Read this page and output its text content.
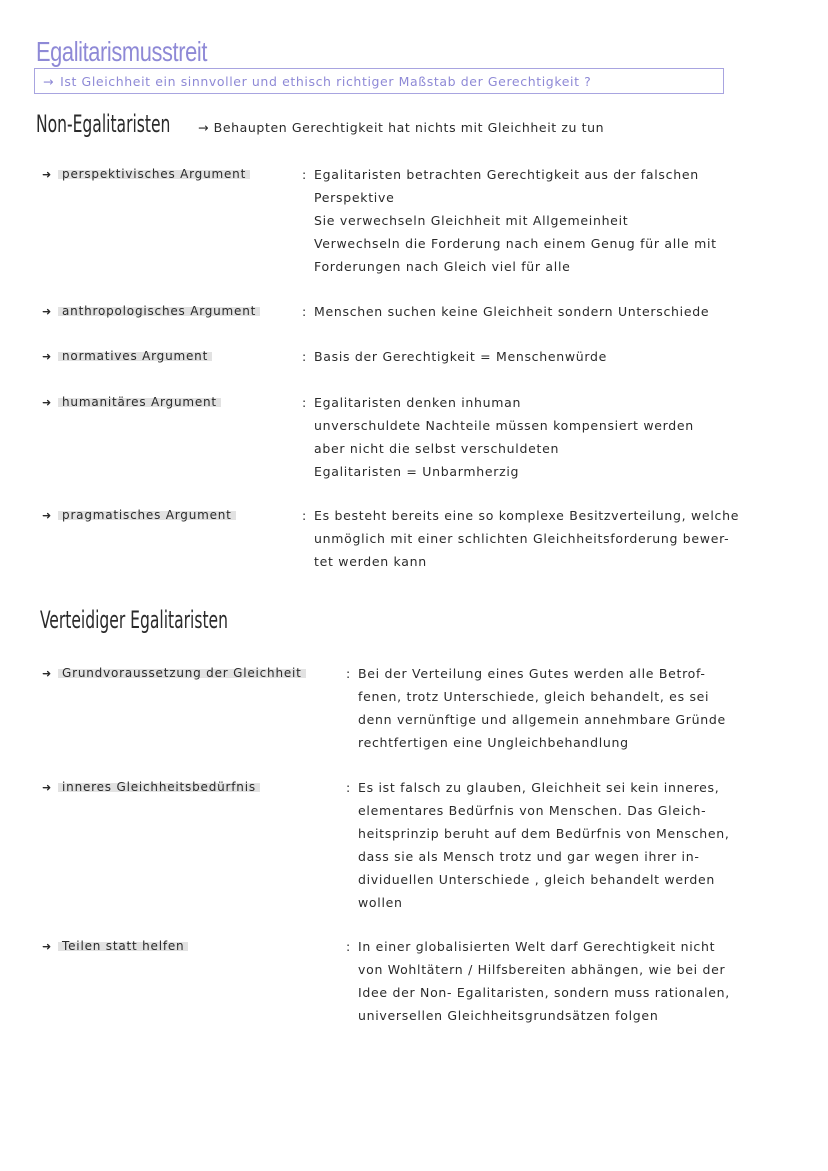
Egalitarismusstreit
→ Ist Gleichheit ein sinnvoller und ethisch richtiger Maßstab der Gerechtigkeit ?
Non-Egalitaristen → Behaupten Gerechtigkeit hat nichts mit Gleichheit zu tun
➜ perspektivisches Argument	: Egalitaristen betrachten Gerechtigkeit aus der falschen
Perspektive
Sie verwechseln Gleichheit mit Allgemeinheit
Verwechseln die Forderung nach einem Genug für alle mit
Forderungen nach Gleich viel für alle
➜ anthropologisches Argument	: Menschen suchen keine Gleichheit sondern Unterschiede
➜ normatives Argument	: Basis der Gerechtigkeit = Menschenwürde
➜ humanitäres Argument	: Egalitaristen denken inhuman
unverschuldete Nachteile müssen kompensiert werden
aber nicht die selbst verschuldeten
Egalitaristen = Unbarmherzig
➜ pragmatisches Argument	: Es besteht bereits eine so komplexe Besitzverteilung, welche
unmöglich mit einer schlichten Gleichheitsforderung bewer-
tet werden kann
Verteidiger Egalitaristen
➜ Grundvoraussetzung der Gleichheit	: Bei der Verteilung eines Gutes werden alle Betrof-
fenen, trotz Unterschiede, gleich behandelt, es sei
denn vernünftige und allgemein annehmbare Gründe
rechtfertigen eine Ungleichbehandlung
➜ inneres Gleichheitsbedürfnis	: Es ist falsch zu glauben, Gleichheit sei kein inneres,
elementares Bedürfnis von Menschen. Das Gleich-
heitsprinzip beruht auf dem Bedürfnis von Menschen,
dass sie als Mensch trotz und gar wegen ihrer in-
dividuellen Unterschiede , gleich behandelt werden
wollen
➜ Teilen statt helfen	: In einer globalisierten Welt darf Gerechtigkeit nicht
von Wohltätern / Hilfsbereiten abhängen, wie bei der
Idee der Non- Egalitaristen, sondern muss rationalen,
universellen Gleichheitsgrundsätzen folgen
